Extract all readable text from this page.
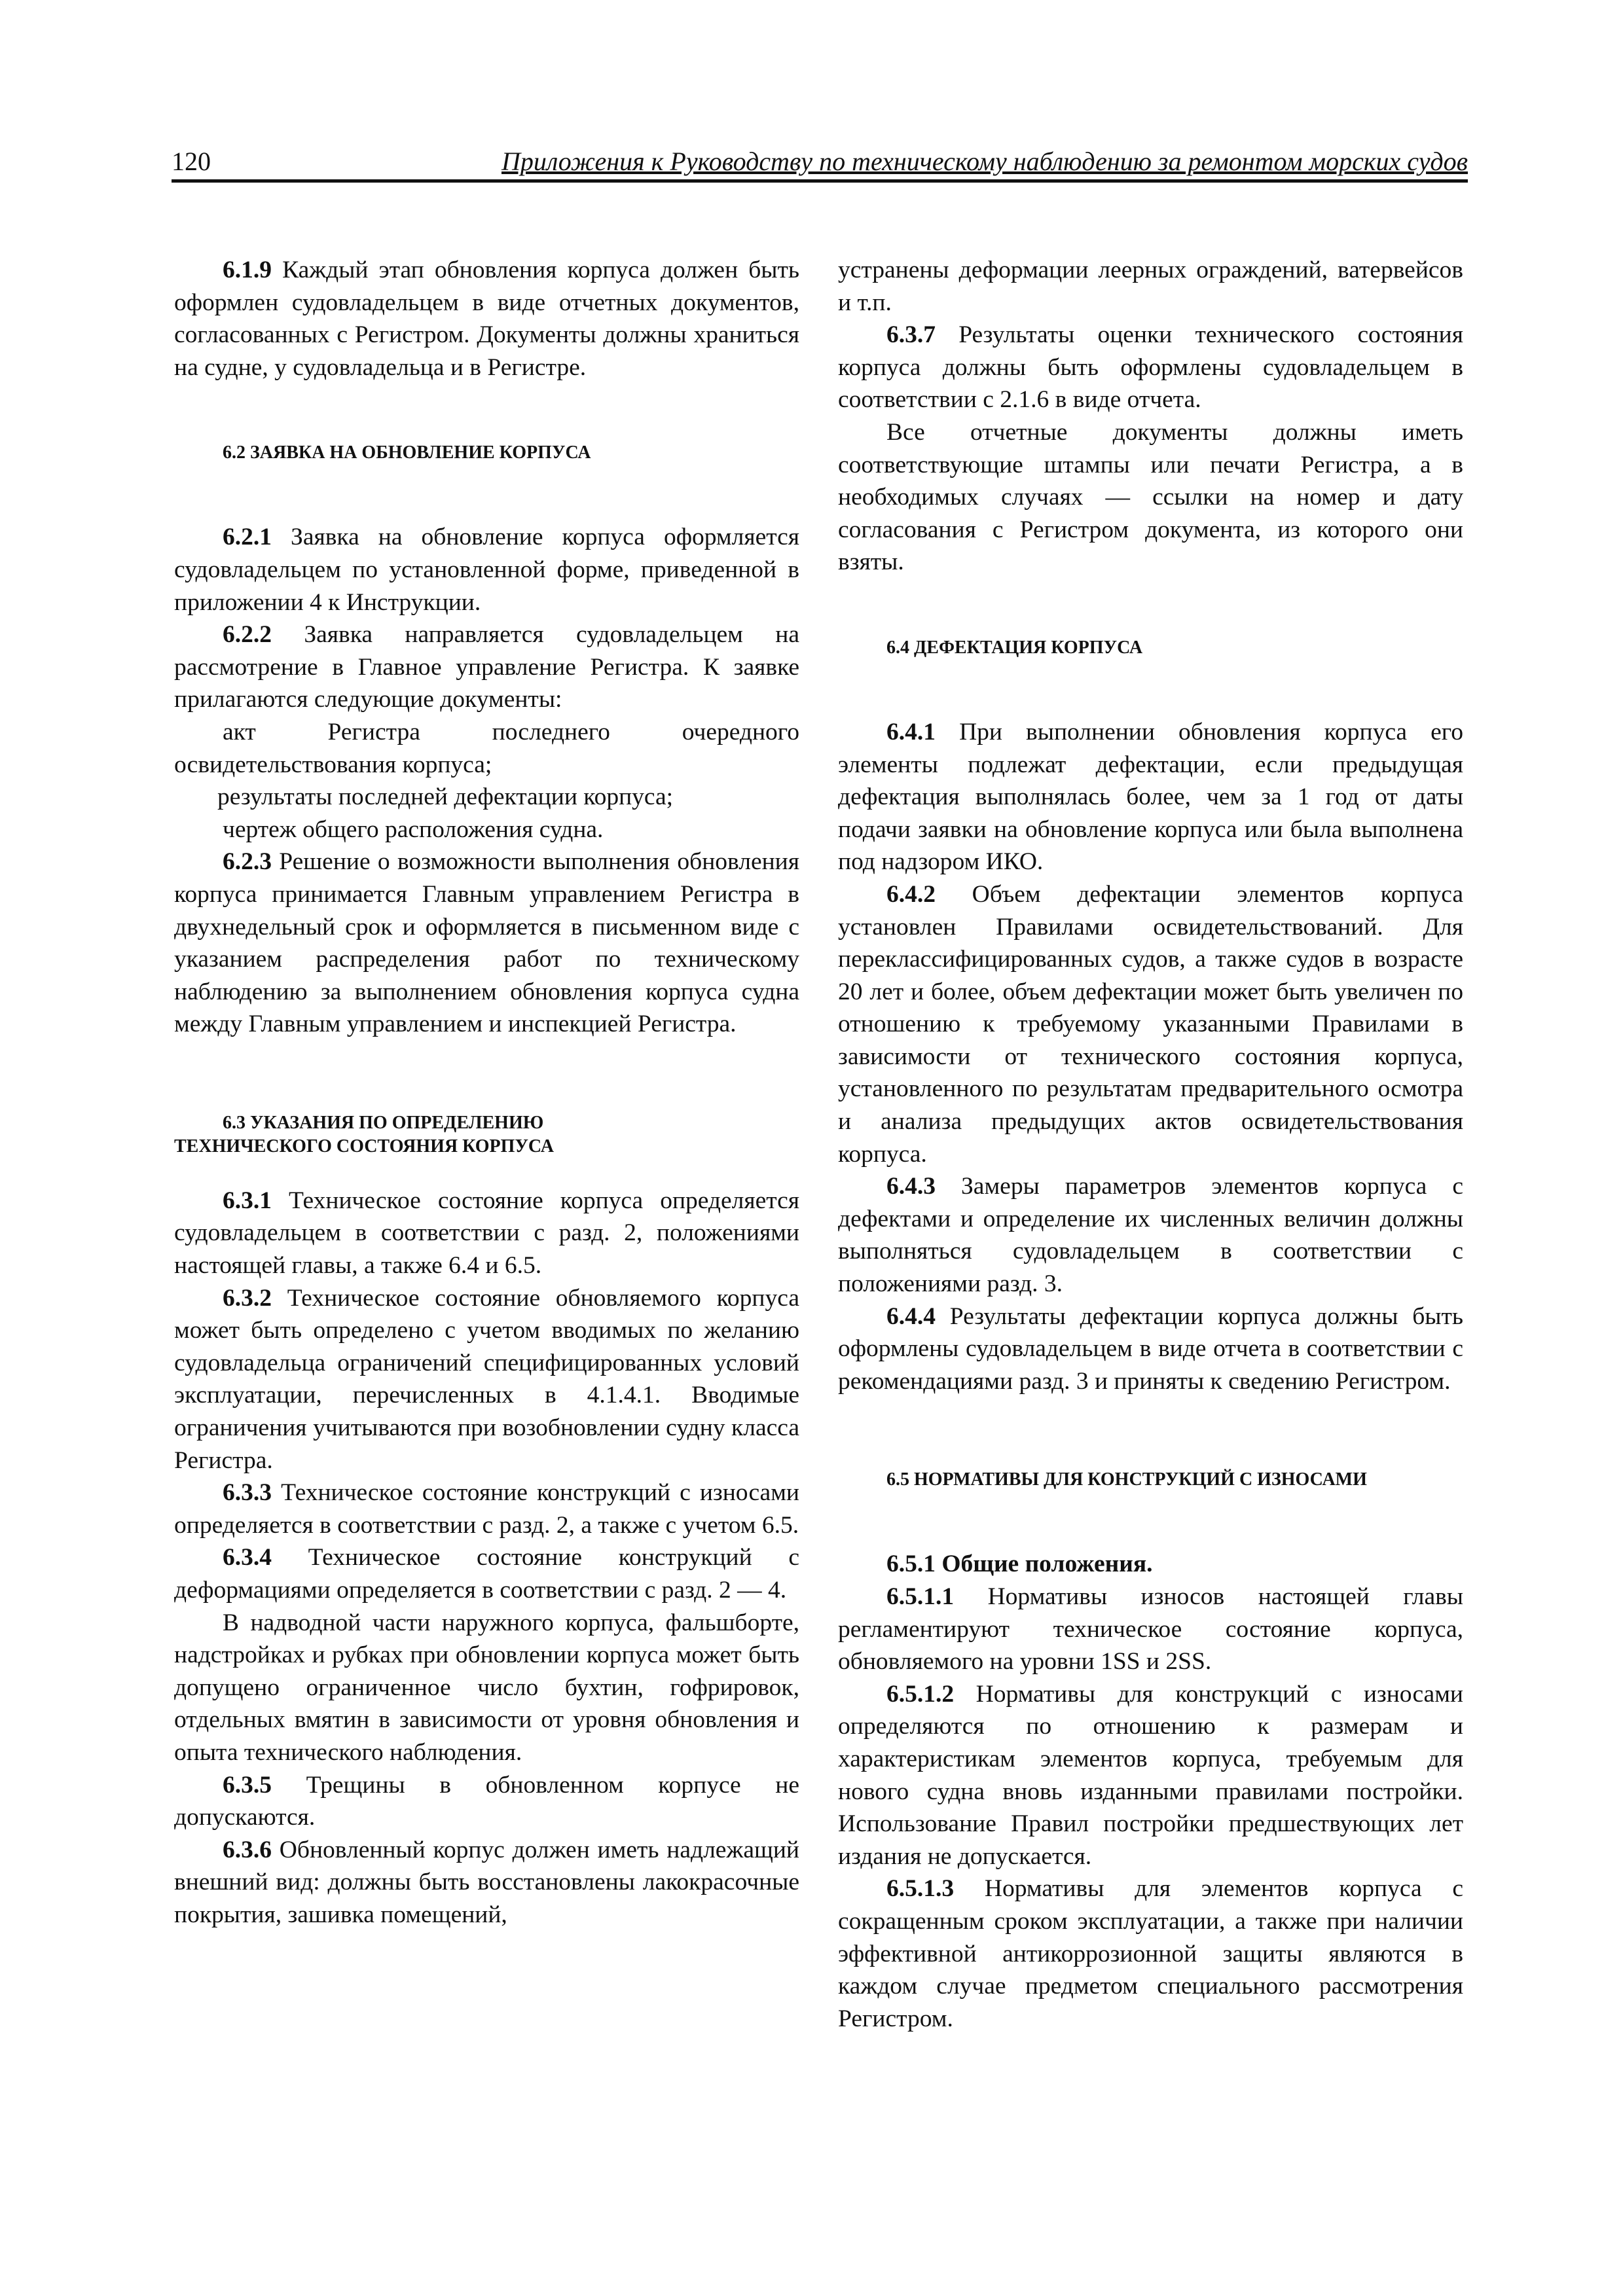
120	Приложения к Руководству по техническому наблюдению за ремонтом морских судов

6.1.9 Каждый этап обновления корпуса должен быть оформлен судовладельцем в виде отчетных документов, согласованных с Регистром. Документы должны храниться на судне, у судовладельца и в Регистре.

6.2 ЗАЯВКА НА ОБНОВЛЕНИЕ КОРПУСА

6.2.1 Заявка на обновление корпуса оформляется судовладельцем по установленной форме, приведенной в приложении 4 к Инструкции.

6.2.2 Заявка направляется судовладельцем на рассмотрение в Главное управление Регистра. К заявке прилагаются следующие документы:

акт Регистра последнего очередного освидетельствования корпуса;

результаты последней дефектации корпуса;

чертеж общего расположения судна.

6.2.3 Решение о возможности выполнения обновления корпуса принимается Главным управлением Регистра в двухнедельный срок и оформляется в письменном виде с указанием распределения работ по техническому наблюдению за выполнением обновления корпуса судна между Главным управлением и инспекцией Регистра.

6.3 УКАЗАНИЯ ПО ОПРЕДЕЛЕНИЮ
ТЕХНИЧЕСКОГО СОСТОЯНИЯ КОРПУСА

6.3.1 Техническое состояние корпуса определяется судовладельцем в соответствии с разд. 2, положениями настоящей главы, а также 6.4 и 6.5.

6.3.2 Техническое состояние обновляемого корпуса может быть определено с учетом вводимых по желанию судовладельца ограничений специфицированных условий эксплуатации, перечисленных в 4.1.4.1. Вводимые ограничения учитываются при возобновлении судну класса Регистра.

6.3.3 Техническое состояние конструкций с износами определяется в соответствии с разд. 2, а также с учетом 6.5.

6.3.4 Техническое состояние конструкций с деформациями определяется в соответствии с разд. 2 — 4.

В надводной части наружного корпуса, фальшборте, надстройках и рубках при обновлении корпуса может быть допущено ограниченное число бухтин, гофрировок, отдельных вмятин в зависимости от уровня обновления и опыта технического наблюдения.

6.3.5 Трещины в обновленном корпусе не допускаются.

6.3.6 Обновленный корпус должен иметь надлежащий внешний вид: должны быть восстановлены лакокрасочные покрытия, зашивка помещений,

устранены деформации леерных ограждений, ватервейсов и т.п.

6.3.7 Результаты оценки технического состояния корпуса должны быть оформлены судовладельцем в соответствии с 2.1.6 в виде отчета.

Все отчетные документы должны иметь соответствующие штампы или печати Регистра, а в необходимых случаях — ссылки на номер и дату согласования с Регистром документа, из которого они взяты.

6.4 ДЕФЕКТАЦИЯ КОРПУСА

6.4.1 При выполнении обновления корпуса его элементы подлежат дефектации, если предыдущая дефектация выполнялась более, чем за 1 год от даты подачи заявки на обновление корпуса или была выполнена под надзором ИКО.

6.4.2 Объем дефектации элементов корпуса установлен Правилами освидетельствований. Для переклассифицированных судов, а также судов в возрасте 20 лет и более, объем дефектации может быть увеличен по отношению к требуемому указанными Правилами в зависимости от технического состояния корпуса, установленного по результатам предварительного осмотра и анализа предыдущих актов освидетельствования корпуса.

6.4.3 Замеры параметров элементов корпуса с дефектами и определение их численных величин должны выполняться судовладельцем в соответствии с положениями разд. 3.

6.4.4 Результаты дефектации корпуса должны быть оформлены судовладельцем в виде отчета в соответствии с рекомендациями разд. 3 и приняты к сведению Регистром.

6.5 НОРМАТИВЫ ДЛЯ КОНСТРУКЦИЙ С ИЗНОСАМИ

6.5.1 Общие положения.

6.5.1.1 Нормативы износов настоящей главы регламентируют техническое состояние корпуса, обновляемого на уровни 1SS и 2SS.

6.5.1.2 Нормативы для конструкций с износами определяются по отношению к размерам и характеристикам элементов корпуса, требуемым для нового судна вновь изданными правилами постройки. Использование Правил постройки предшествующих лет издания не допускается.

6.5.1.3 Нормативы для элементов корпуса с сокращенным сроком эксплуатации, а также при наличии эффективной антикоррозионной защиты являются в каждом случае предметом специального рассмотрения Регистром.
